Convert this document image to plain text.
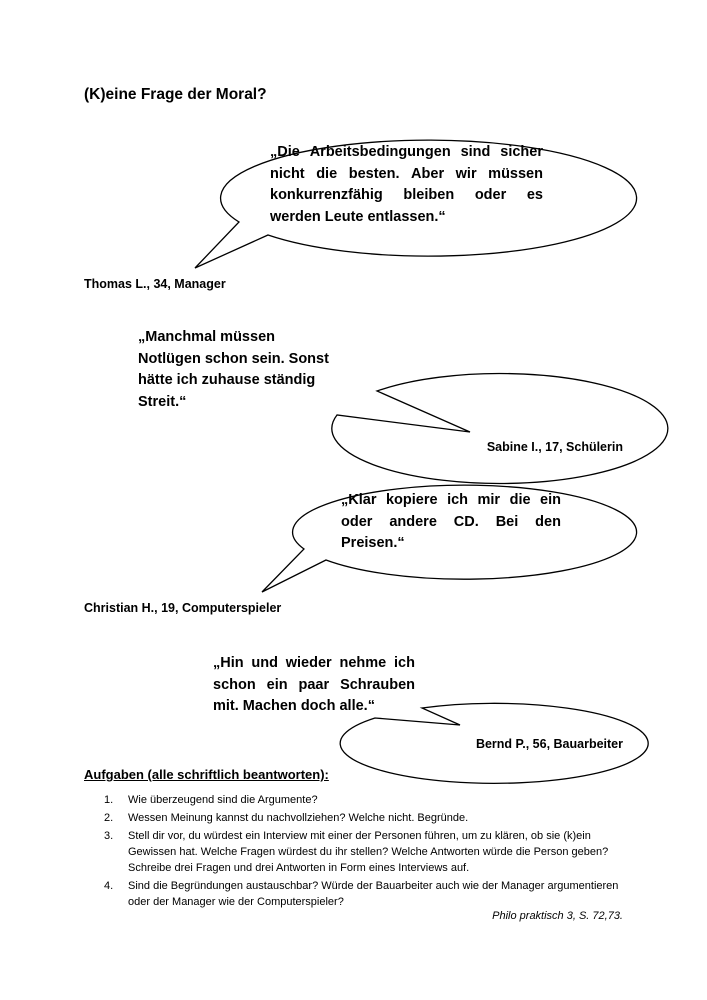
(K)eine Frage der Moral?
„Die Arbeitsbedingungen sind sicher
nicht die besten. Aber wir müssen
konkurrenzfähig bleiben oder es
werden Leute entlassen.“
Thomas L., 34, Manager
„Manchmal müssen
Notlügen schon sein. Sonst
hätte ich zuhause ständig
Streit.“
Sabine I., 17, Schülerin
„Klar kopiere ich mir die ein
oder andere CD. Bei den
Preisen.“
Christian H., 19, Computerspieler
„Hin und wieder nehme ich
schon ein paar Schrauben
mit. Machen doch alle.“
Bernd P., 56, Bauarbeiter
Aufgaben (alle schriftlich beantworten):
1. Wie überzeugend sind die Argumente?
2. Wessen Meinung kannst du nachvollziehen? Welche nicht. Begründe.
3. Stell dir vor, du würdest ein Interview mit einer der Personen führen, um zu klären, ob sie (k)ein Gewissen hat. Welche Fragen würdest du ihr stellen? Welche Antworten würde die Person geben? Schreibe drei Fragen und drei Antworten in Form eines Interviews auf.
4. Sind die Begründungen austauschbar? Würde der Bauarbeiter auch wie der Manager argumentieren oder der Manager wie der Computerspieler?
Philo praktisch 3, S. 72,73.
